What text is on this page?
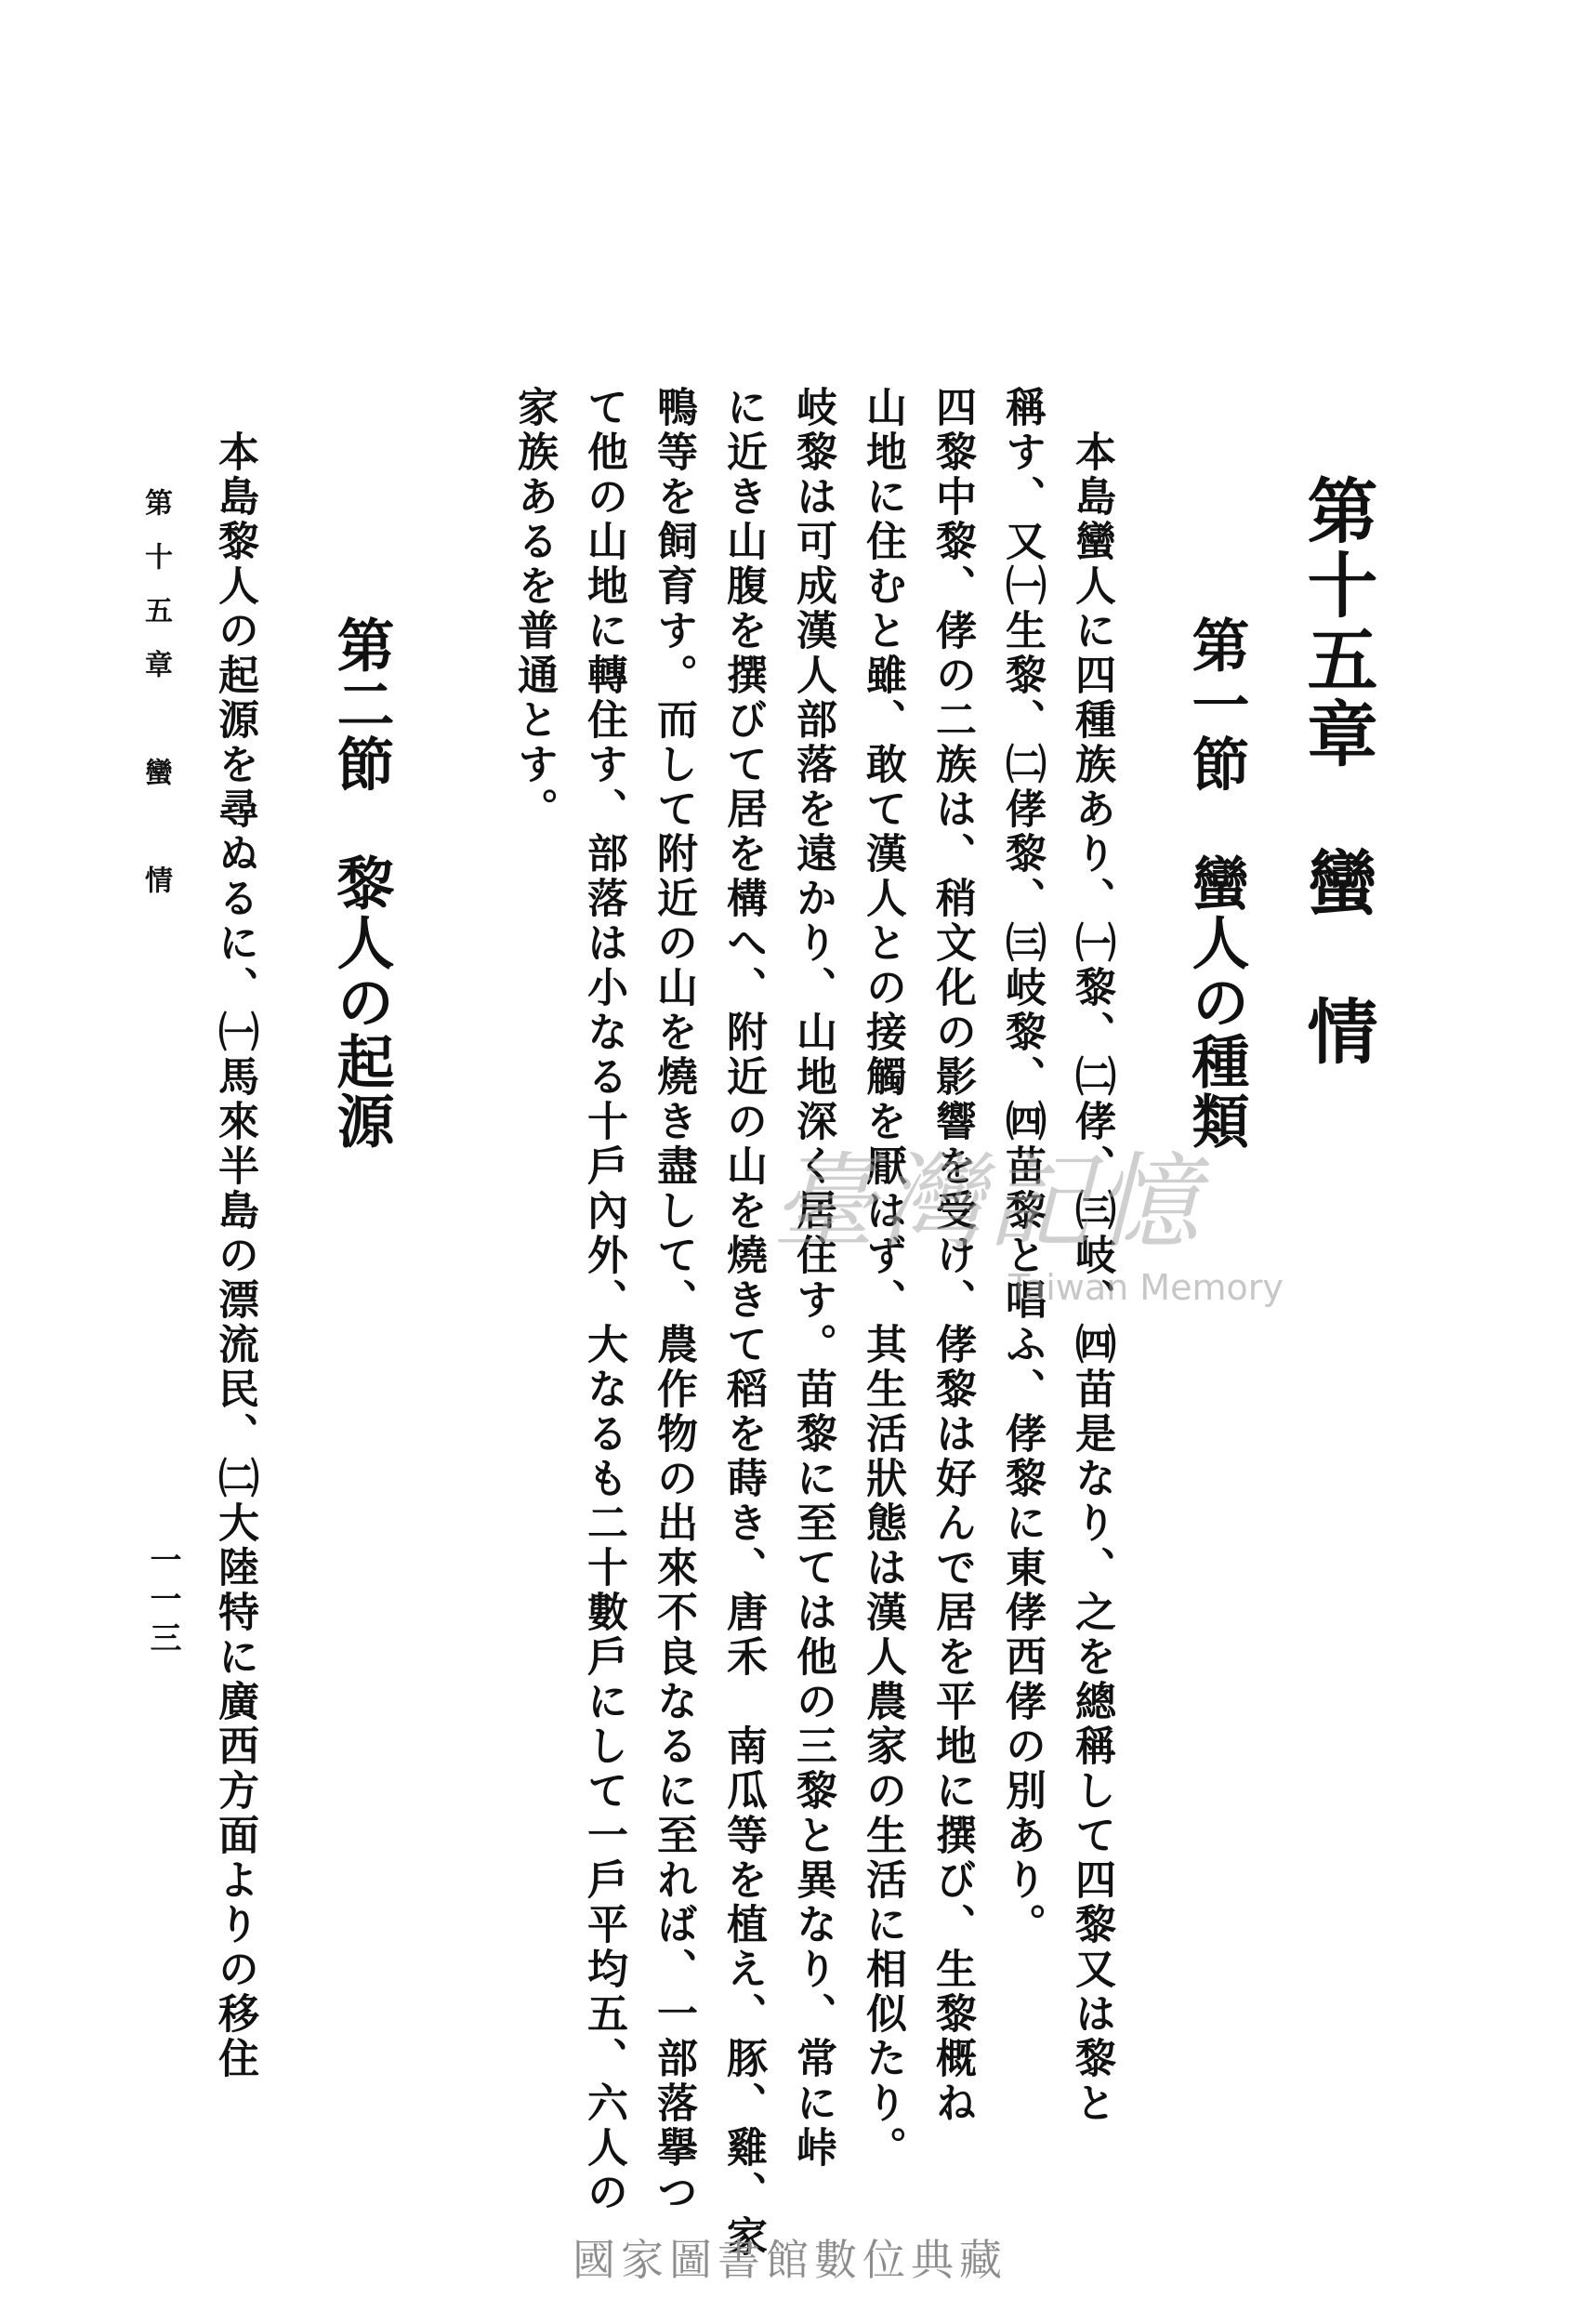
第十五章　蠻　情
第一節　蠻人の種類
　本島蠻人に四種族あり、㈠黎、㈡侾、㈢岐、㈣苗是なり、之を總稱して四黎又は黎と
稱す、又㈠生黎、㈡侾黎、㈢岐黎、㈣苗黎と唱ふ、侾黎に東侾西侾の別あり。
四黎中黎、侾の二族は、稍文化の影響を受け、侾黎は好んで居を平地に撰び、生黎概ね
山地に住むと雖、敢て漢人との接觸を厭はず、其生活狀態は漢人農家の生活に相似たり。
岐黎は可成漢人部落を遠かり、山地深く居住す。苗黎に至ては他の三黎と異なり、常に峠
に近き山腹を撰びて居を構へ、附近の山を燒きて稻を蒔き、唐禾　南瓜等を植え、豚、雞、家
鴨等を飼育す。而して附近の山を燒き盡して、農作物の出來不良なるに至れば、一部落擧つ
て他の山地に轉住す、部落は小なる十戶內外、大なるも二十數戶にして一戶平均五、六人の
家族あるを普通とす。
第二節　黎人の起源
　本島黎人の起源を尋ぬるに、㈠馬來半島の漂流民、㈡大陸特に廣西方面よりの移住
第十五章　蠻　情
一一三
臺灣記憶
Taiwan Memory
國家圖書館數位典藏
